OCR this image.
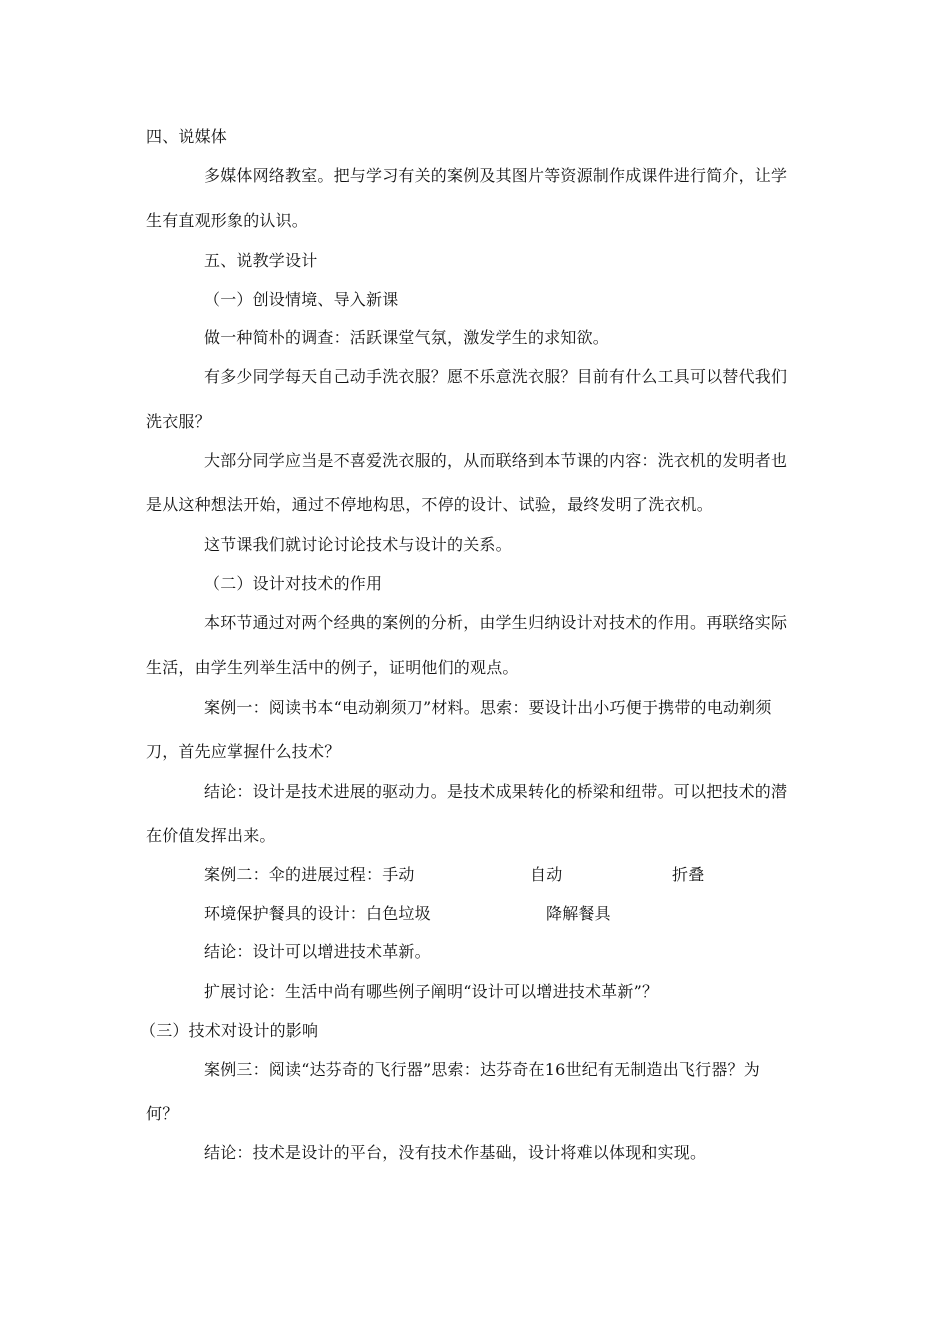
四、说媒体
多媒体网络教室。把与学习有关的案例及其图片等资源制作成课件进行简介，让学
生有直观形象的认识。
五、说教学设计
（一）创设情境、导入新课
做一种简朴的调查：活跃课堂气氛，激发学生的求知欲。
有多少同学每天自己动手洗衣服？愿不乐意洗衣服？目前有什么工具可以替代我们
洗衣服？
大部分同学应当是不喜爱洗衣服的，从而联络到本节课的内容：洗衣机的发明者也
是从这种想法开始，通过不停地构思，不停的设计、试验，最终发明了洗衣机。
这节课我们就讨论讨论技术与设计的关系。
（二）设计对技术的作用
本环节通过对两个经典的案例的分析，由学生归纳设计对技术的作用。再联络实际
生活，由学生列举生活中的例子，证明他们的观点。
案例一：阅读书本“电动剃须刀”材料。思索：要设计出小巧便于携带的电动剃须
刀，首先应掌握什么技术？
结论：设计是技术进展的驱动力。是技术成果转化的桥梁和纽带。可以把技术的潜
在价值发挥出来。
案例二：伞的进展过程：手动	自动	折叠
环境保护餐具的设计：白色垃圾	降解餐具
结论：设计可以增进技术革新。
扩展讨论：生活中尚有哪些例子阐明“设计可以增进技术革新”？
（三）技术对设计的影响
案例三：阅读“达芬奇的飞行器”思索：达芬奇在16世纪有无制造出飞行器？为
何？
结论：技术是设计的平台，没有技术作基础，设计将难以体现和实现。
